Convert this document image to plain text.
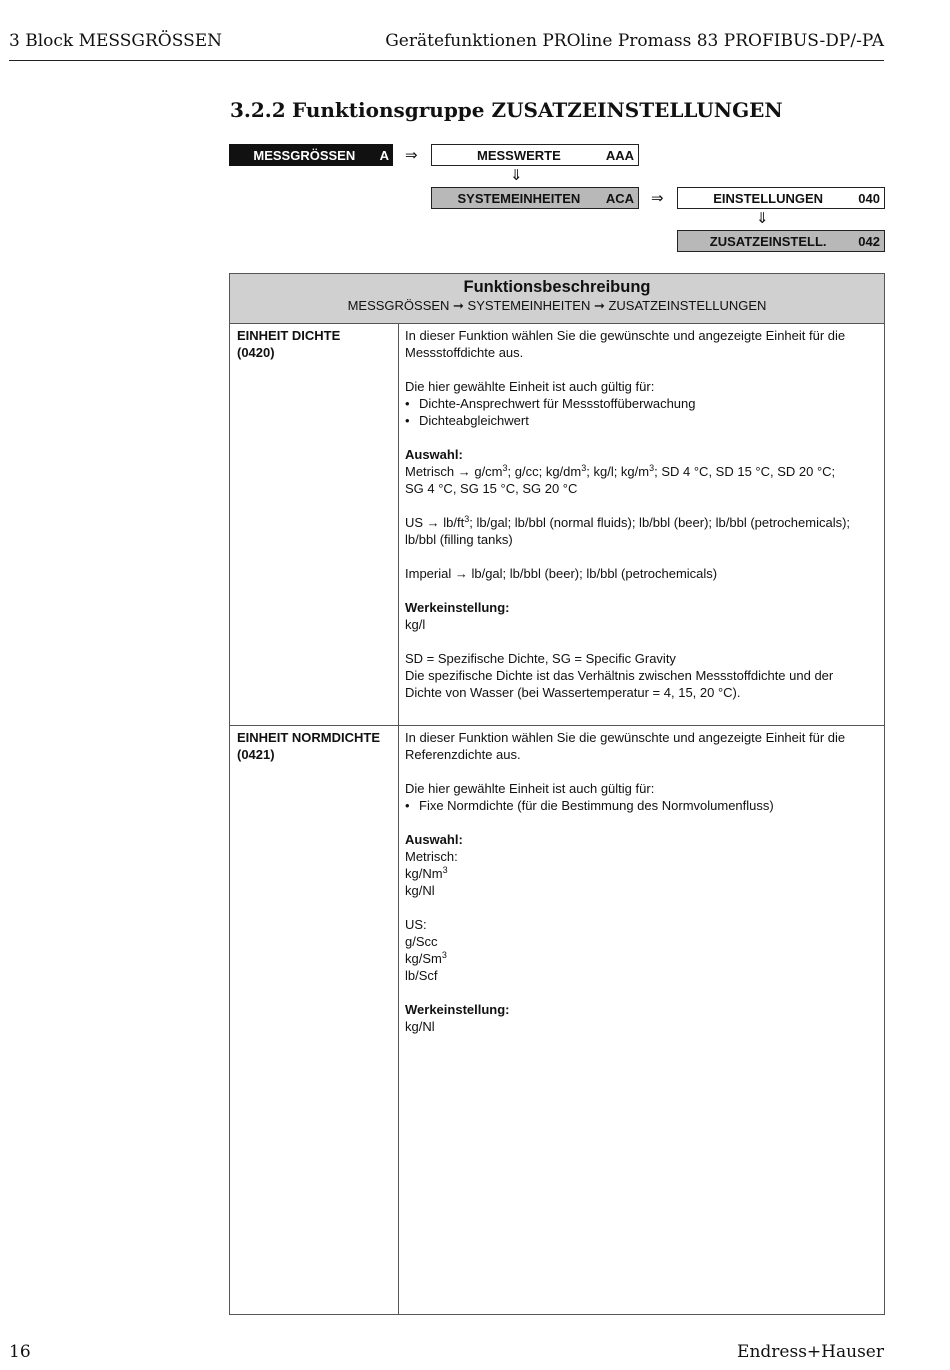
3 Block MESSGRÖSSEN	Gerätefunktionen PROline Promass 83 PROFIBUS-DP/-PA
3.2.2 Funktionsgruppe ZUSATZEINSTELLUNGEN
MESSGRÖSSEN	A ⇒	MESSWERTE	AAA
⇓
SYSTEMEINHEITEN	ACA ⇒	EINSTELLUNGEN	040
⇓
ZUSATZEINSTELL.	042
Funktionsbeschreibung
MESSGRÖSSEN ➞ SYSTEMEINHEITEN ➞ ZUSATZEINSTELLUNGEN
EINHEIT DICHTE
(0420)

In dieser Funktion wählen Sie die gewünschte und angezeigte Einheit für die

Messstoffdichte aus.

Die hier gewählte Einheit ist auch gültig für:

• Dichte-Ansprechwert für Messstoffüberwachung

• Dichteabgleichwert

Auswahl:

Metrisch → $g/cm^3$; g/cc; $kg/dm^3$; kg/l; $kg/m^3$; SD 4 °C, SD 15 °C, SD 20 °C;

SG 4 °C, SG 15 °C, SG 20 °C

US → $lb/ft^3$; lb/gal; lb/bbl (normal fluids); lb/bbl (beer); lb/bbl (petrochemicals);

lb/bbl (filling tanks)

Imperial → lb/gal; lb/bbl (beer); lb/bbl (petrochemicals)

Werkeinstellung:

kg/l

SD = Spezifische Dichte, SG = Specific Gravity

Die spezifische Dichte ist das Verhältnis zwischen Messstoffdichte und der

Dichte von Wasser (bei Wassertemperatur = 4, 15, 20 °C).

EINHEIT NORMDICHTE
(0421)

In dieser Funktion wählen Sie die gewünschte und angezeigte Einheit für die

Referenzdichte aus.

Die hier gewählte Einheit ist auch gültig für:

• Fixe Normdichte (für die Bestimmung des Normvolumenfluss)

Auswahl:

Metrisch:

kg/Nm$^3$

kg/Nl

US:

g/Scc

kg/Sm$^3$

lb/Scf

Werkeinstellung:

kg/Nl

16	Endress+Hauser
